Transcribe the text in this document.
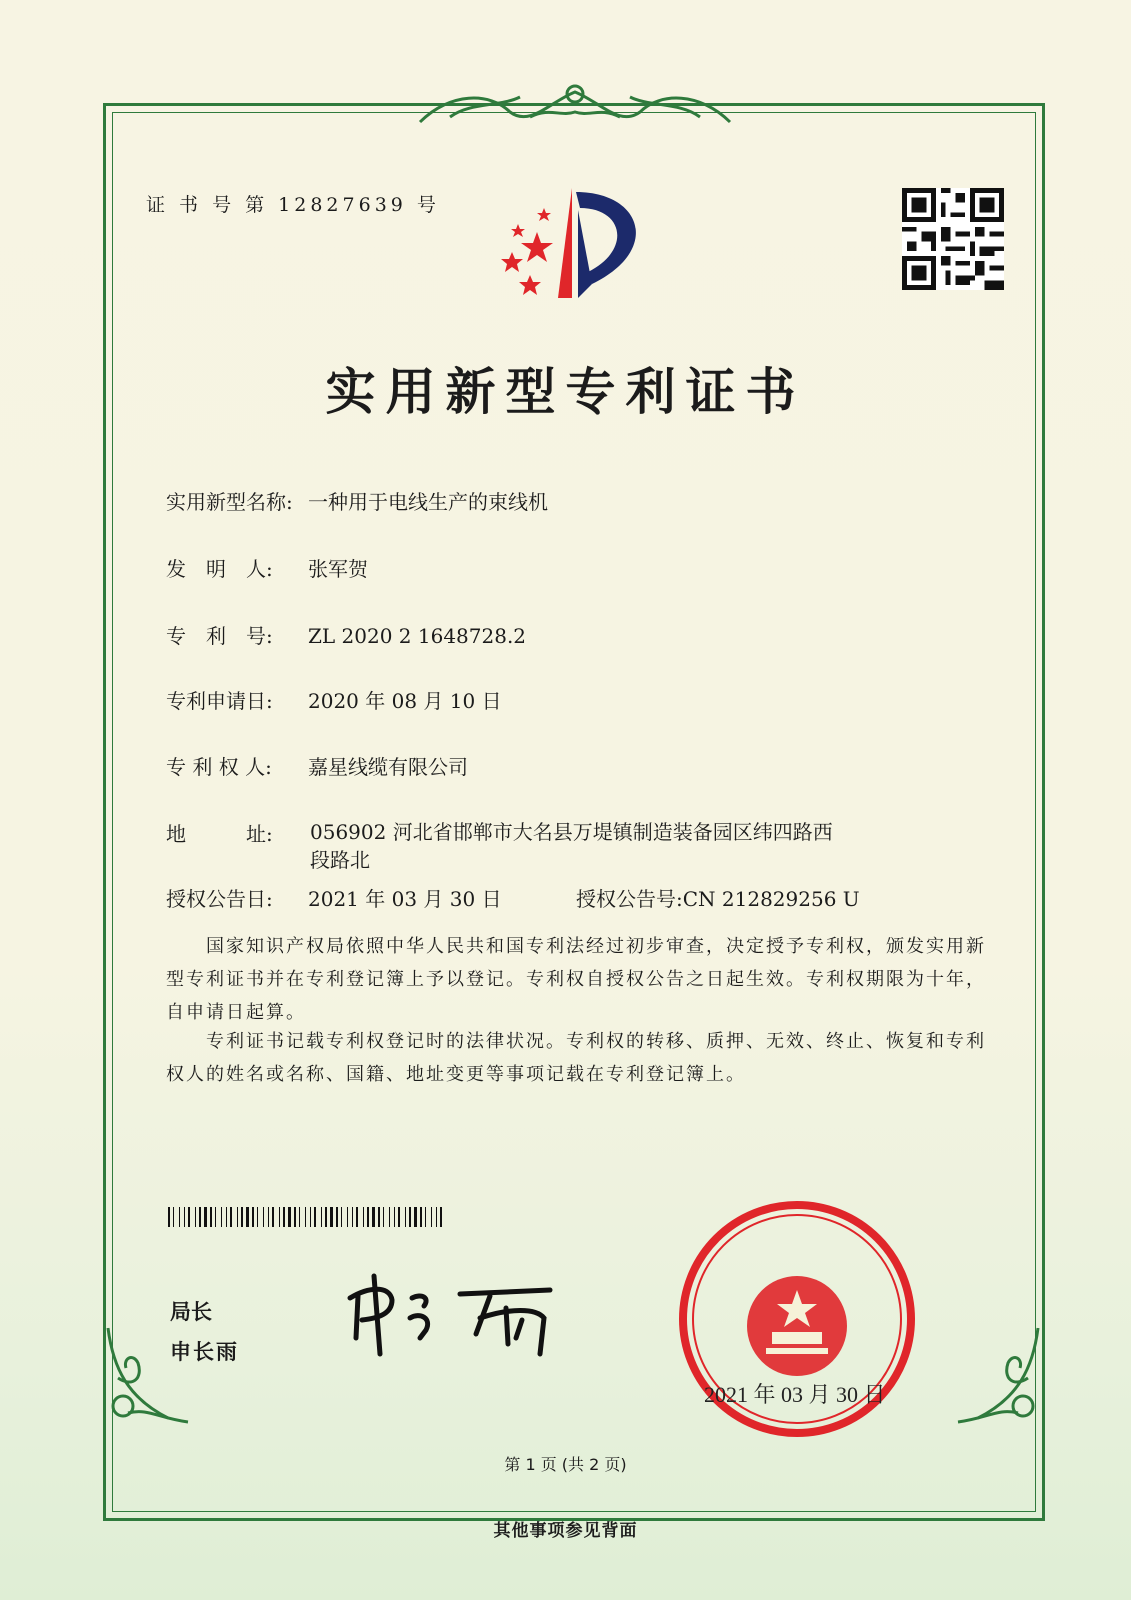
证 书 号 第 12827639 号
实用新型专利证书
实用新型名称: 一种用于电线生产的束线机
发　明　人: 张军贺
专　利　号: ZL 2020 2 1648728.2
专利申请日: 2020 年 08 月 10 日
专 利 权 人: 嘉星线缆有限公司
地　　　址:	056902 河北省邯郸市大名县万堤镇制造装备园区纬四路西段路北
授权公告日: 2021 年 03 月 30 日	授权公告号:CN 212829256 U
国家知识产权局依照中华人民共和国专利法经过初步审查，决定授予专利权，颁发实用新型专利证书并在专利登记簿上予以登记。专利权自授权公告之日起生效。专利权期限为十年，自申请日起算。
专利证书记载专利权登记时的法律状况。专利权的转移、质押、无效、终止、恢复和专利权人的姓名或名称、国籍、地址变更等事项记载在专利登记簿上。
局长
申长雨
2021 年 03 月 30 日
第 1 页 (共 2 页)
其他事项参见背面
